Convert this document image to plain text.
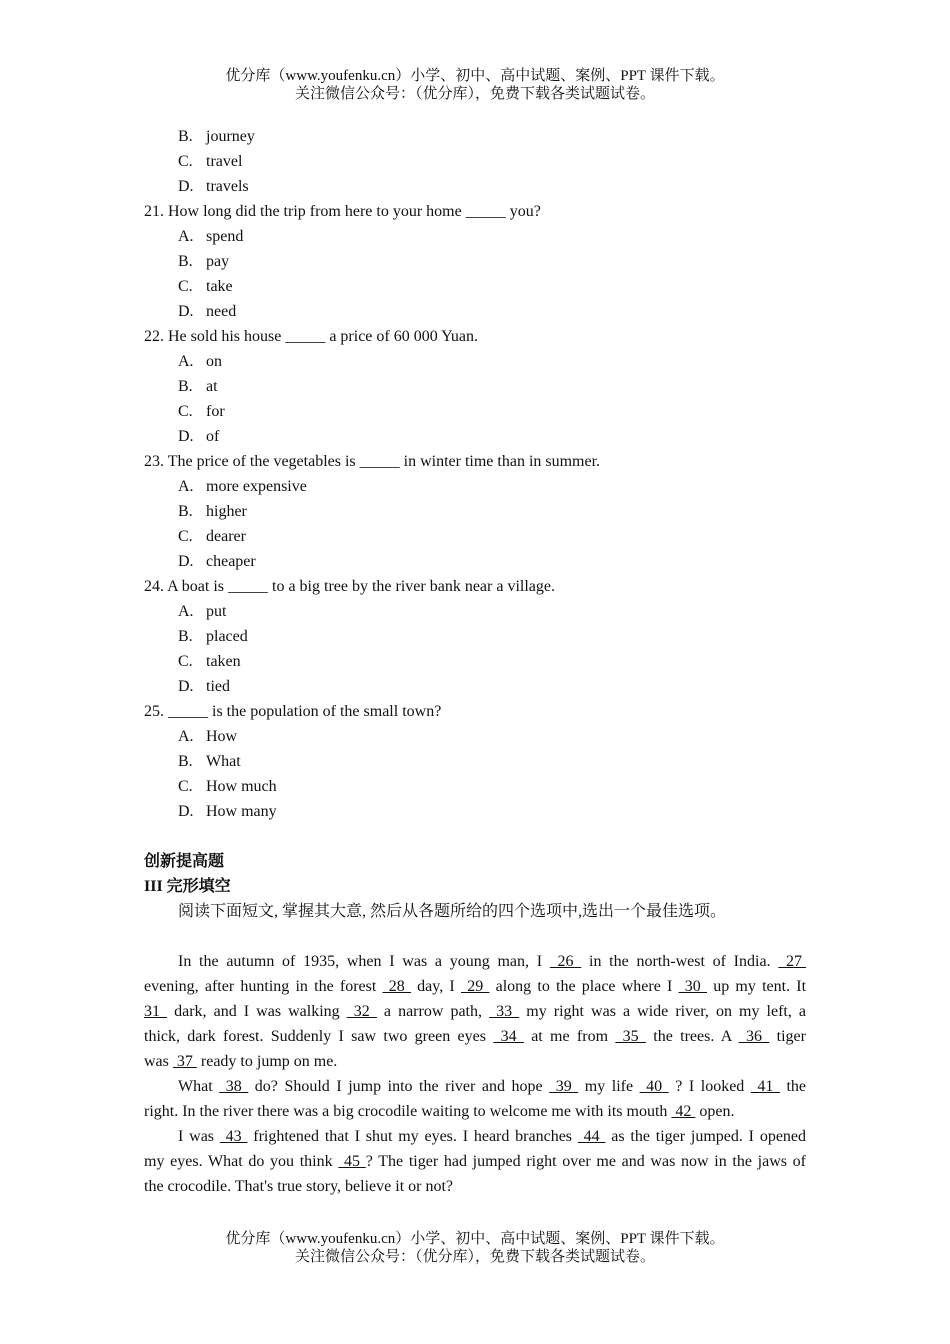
优分库（www.youfenku.cn）小学、初中、高中试题、案例、PPT 课件下载。
关注微信公众号：（优分库），免费下载各类试题试卷。
B. journey
C. travel
D. travels
21. How long did the trip from here to your home _____ you?
A. spend
B. pay
C. take
D. need
22. He sold his house _____ a price of 60 000 Yuan.
A. on
B. at
C. for
D. of
23. The price of the vegetables is _____ in winter time than in summer.
A. more expensive
B. higher
C. dearer
D. cheaper
24. A boat is _____ to a big tree by the river bank near a village.
A. put
B. placed
C. taken
D. tied
25. _____ is the population of the small town?
A. How
B. What
C. How much
D. How many
创新提高题
III 完形填空
阅读下面短文, 掌握其大意, 然后从各题所给的四个选项中,选出一个最佳选项。
In the autumn of 1935, when I was a young man, I  26  in the north-west of India.  27
evening, after hunting in the forest  28  day, I  29  along to the place where I  30  up my tent. It
31  dark, and I was walking  32  a narrow path,  33  my right was a wide river, on my left, a
thick, dark forest. Suddenly I saw two green eyes  34  at me from  35  the trees. A  36  tiger
was  37  ready to jump on me.
What  38  do? Should I jump into the river and hope  39  my life  40  ? I looked  41  the
right. In the river there was a big crocodile waiting to welcome me with its mouth  42  open.
I was  43  frightened that I shut my eyes. I heard branches  44  as the tiger jumped. I opened
my eyes. What do you think  45 ? The tiger had jumped right over me and was now in the jaws of
the crocodile. That's true story, believe it or not?
优分库（www.youfenku.cn）小学、初中、高中试题、案例、PPT 课件下载。
关注微信公众号：（优分库），免费下载各类试题试卷。
